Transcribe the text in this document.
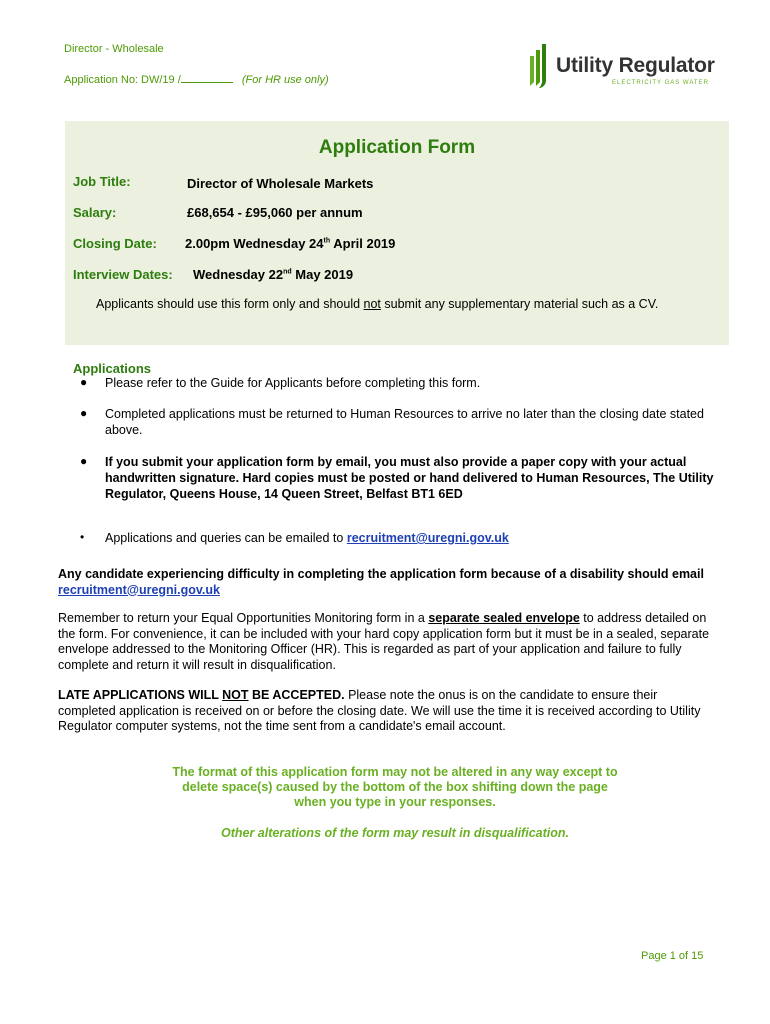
Director - Wholesale
Application No: DW/19 /	(For HR use only)
Utility Regulator
ELECTRICITY GAS WATER
Application Form
Job Title:	Director of Wholesale Markets
Salary:	£68,654 - £95,060 per annum
Closing Date: 2.00pm Wednesday 24th April 2019
Interview Dates: Wednesday 22nd May 2019
Applicants should use this form only and should not submit any supplementary material such as a CV.
Applications
● Please refer to the Guide for Applicants before completing this form.
● Completed applications must be returned to Human Resources to arrive no later than the closing date stated above.
● If you submit your application form by email, you must also provide a paper copy with your actual handwritten signature. Hard copies must be posted or hand delivered to Human Resources, The Utility Regulator, Queens House, 14 Queen Street, Belfast BT1 6ED
• Applications and queries can be emailed to recruitment@uregni.gov.uk
Any candidate experiencing difficulty in completing the application form because of a disability should email recruitment@uregni.gov.uk
Remember to return your Equal Opportunities Monitoring form in a separate sealed envelope to address detailed on the form. For convenience, it can be included with your hard copy application form but it must be in a sealed, separate envelope addressed to the Monitoring Officer (HR). This is regarded as part of your application and failure to fully complete and return it will result in disqualification.
LATE APPLICATIONS WILL NOT BE ACCEPTED. Please note the onus is on the candidate to ensure their completed application is received on or before the closing date. We will use the time it is received according to Utility Regulator computer systems, not the time sent from a candidate's email account.
The format of this application form may not be altered in any way except to
delete space(s) caused by the bottom of the box shifting down the page
when you type in your responses.
Other alterations of the form may result in disqualification.
Page 1 of 15
